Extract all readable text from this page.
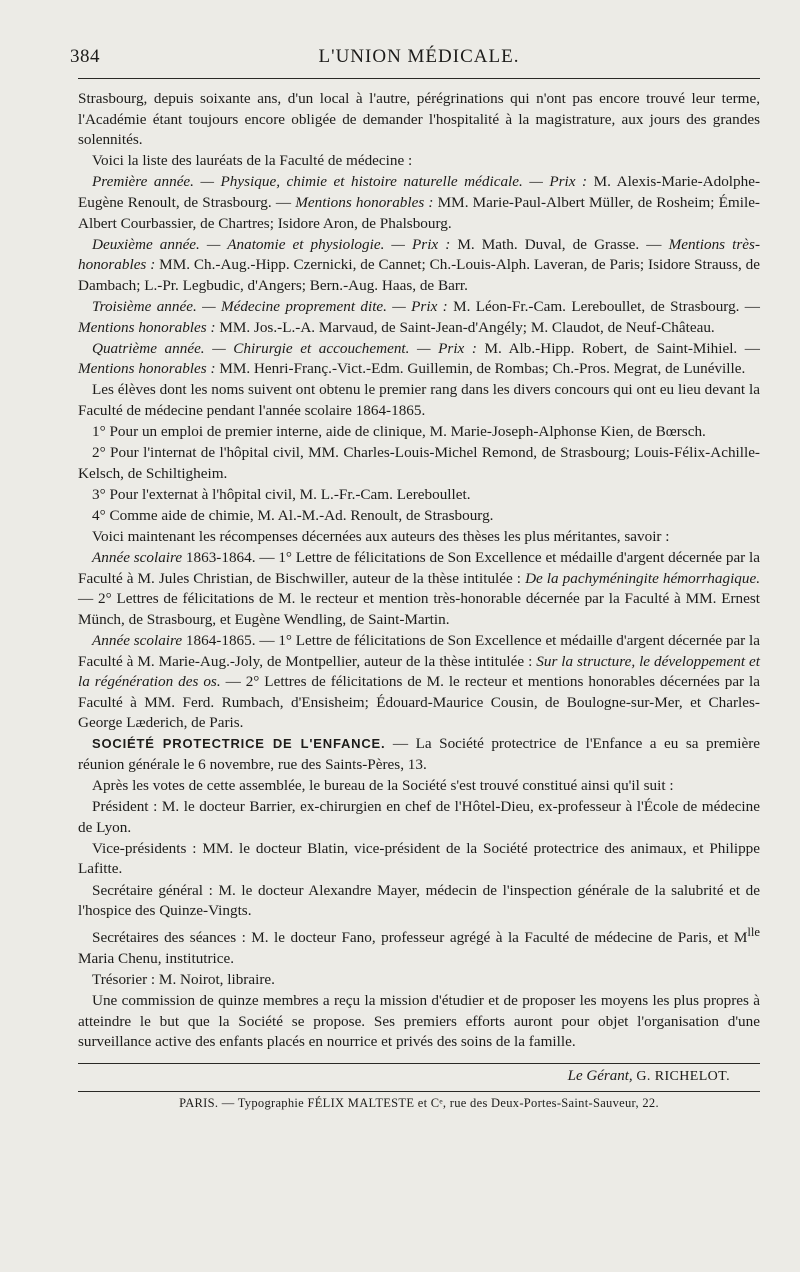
384	L'UNION MÉDICALE.

Strasbourg, depuis soixante ans, d'un local à l'autre, pérégrinations qui n'ont pas encore trouvé leur terme, l'Académie étant toujours encore obligée de demander l'hospitalité à la magistrature, aux jours des grandes solennités.

Voici la liste des lauréats de la Faculté de médecine :

Première année. — Physique, chimie et histoire naturelle médicale. — Prix : M. Alexis-Marie-Adolphe-Eugène Renoult, de Strasbourg. — Mentions honorables : MM. Marie-Paul-Albert Müller, de Rosheim; Émile-Albert Courbassier, de Chartres; Isidore Aron, de Phalsbourg.

Deuxième année. — Anatomie et physiologie. — Prix : M. Math. Duval, de Grasse. — Mentions très-honorables : MM. Ch.-Aug.-Hipp. Czernicki, de Cannet; Ch.-Louis-Alph. Laveran, de Paris; Isidore Strauss, de Dambach; L.-Pr. Legbudic, d'Angers; Bern.-Aug. Haas, de Barr.

Troisième année. — Médecine proprement dite. — Prix : M. Léon-Fr.-Cam. Lereboullet, de Strasbourg. — Mentions honorables : MM. Jos.-L.-A. Marvaud, de Saint-Jean-d'Angély; M. Claudot, de Neuf-Château.

Quatrième année. — Chirurgie et accouchement. — Prix : M. Alb.-Hipp. Robert, de Saint-Mihiel. — Mentions honorables : MM. Henri-Franç.-Vict.-Edm. Guillemin, de Rombas; Ch.-Pros. Megrat, de Lunéville.

Les élèves dont les noms suivent ont obtenu le premier rang dans les divers concours qui ont eu lieu devant la Faculté de médecine pendant l'année scolaire 1864-1865.

1° Pour un emploi de premier interne, aide de clinique, M. Marie-Joseph-Alphonse Kien, de Bœrsch.

2° Pour l'internat de l'hôpital civil, MM. Charles-Louis-Michel Remond, de Strasbourg; Louis-Félix-Achille-Kelsch, de Schiltigheim.

3° Pour l'externat à l'hôpital civil, M. L.-Fr.-Cam. Lereboullet.

4° Comme aide de chimie, M. Al.-M.-Ad. Renoult, de Strasbourg.

Voici maintenant les récompenses décernées aux auteurs des thèses les plus méritantes, savoir :

Année scolaire 1863-1864. — 1° Lettre de félicitations de Son Excellence et médaille d'argent décernée par la Faculté à M. Jules Christian, de Bischwiller, auteur de la thèse intitulée : De la pachyméningite hémorrhagique. — 2° Lettres de félicitations de M. le recteur et mention très-honorable décernée par la Faculté à MM. Ernest Münch, de Strasbourg, et Eugène Wendling, de Saint-Martin.

Année scolaire 1864-1865. — 1° Lettre de félicitations de Son Excellence et médaille d'argent décernée par la Faculté à M. Marie-Aug.-Joly, de Montpellier, auteur de la thèse intitulée : Sur la structure, le développement et la régénération des os. — 2° Lettres de félicitations de M. le recteur et mentions honorables décernées par la Faculté à MM. Ferd. Rumbach, d'Ensisheim; Édouard-Maurice Cousin, de Boulogne-sur-Mer, et Charles-George Læderich, de Paris.

SOCIÉTÉ PROTECTRICE DE L'ENFANCE. — La Société protectrice de l'Enfance a eu sa première réunion générale le 6 novembre, rue des Saints-Pères, 13.

Après les votes de cette assemblée, le bureau de la Société s'est trouvé constitué ainsi qu'il suit :

Président : M. le docteur Barrier, ex-chirurgien en chef de l'Hôtel-Dieu, ex-professeur à l'École de médecine de Lyon.

Vice-présidents : MM. le docteur Blatin, vice-président de la Société protectrice des animaux, et Philippe Lafitte.

Secrétaire général : M. le docteur Alexandre Mayer, médecin de l'inspection générale de la salubrité et de l'hospice des Quinze-Vingts.

Secrétaires des séances : M. le docteur Fano, professeur agrégé à la Faculté de médecine de Paris, et $M^{lle}$ Maria Chenu, institutrice.

Trésorier : M. Noirot, libraire.

Une commission de quinze membres a reçu la mission d'étudier et de proposer les moyens les plus propres à atteindre le but que la Société se propose. Ses premiers efforts auront pour objet l'organisation d'une surveillance active des enfants placés en nourrice et privés des soins de la famille.

Le Gérant, G. RICHELOT.
PARIS. — Typographie FÉLIX MALTESTE et Cᵉ, rue des Deux-Portes-Saint-Sauveur, 22.
